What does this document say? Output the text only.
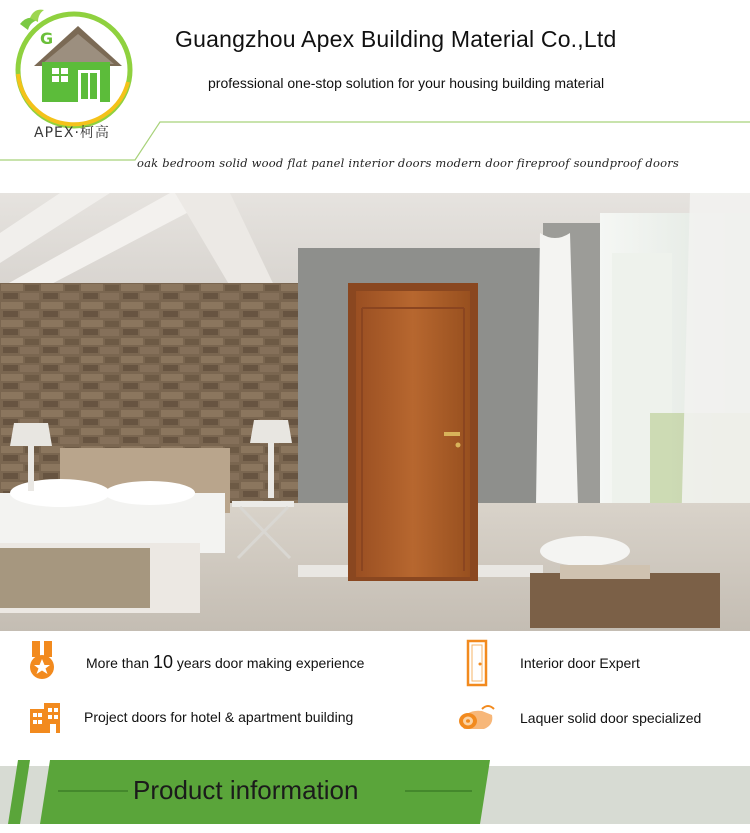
G
APEX·柯高
Guangzhou Apex Building Material Co.,Ltd
professional one-stop solution for your housing building material
oak bedroom solid wood flat panel interior doors modern door fireproof soundproof doors
More than 10 years door making experience	Interior door Expert
Project doors for hotel & apartment building	Laquer solid door specialized
Product information
